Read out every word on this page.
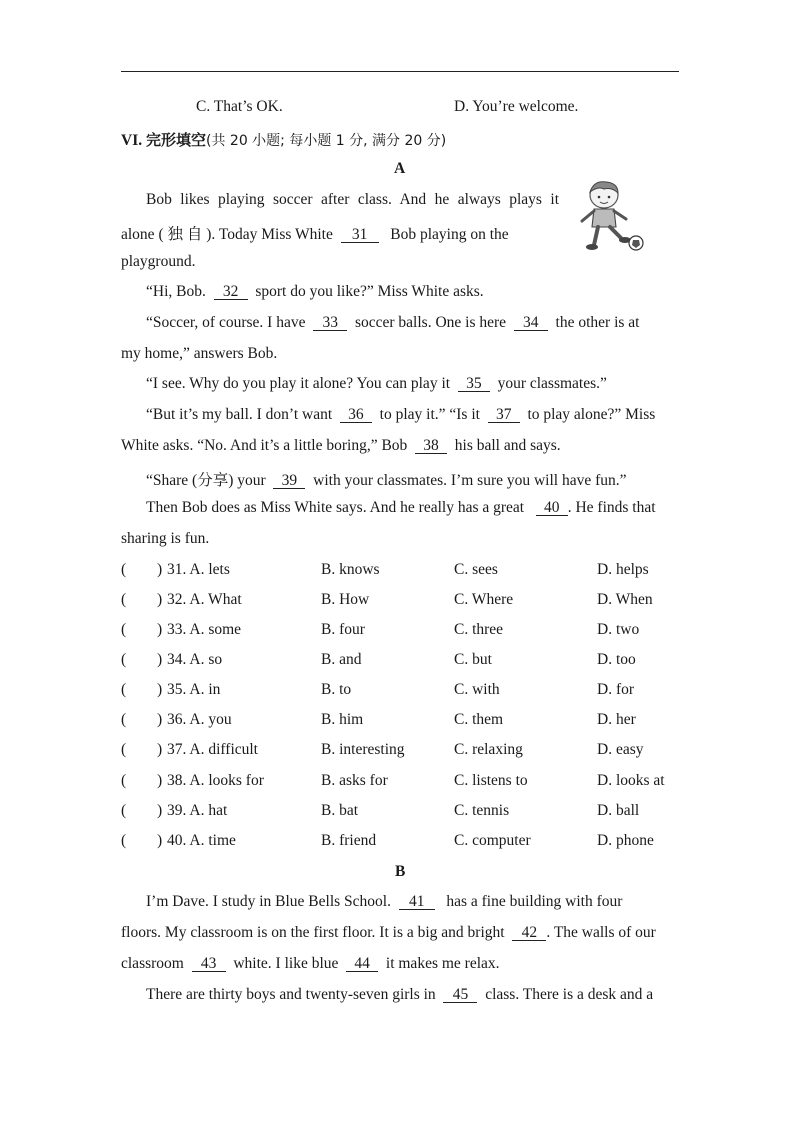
C. That’s OK.	D. You’re welcome.
VI. 完形填空(共 20 小题; 每小题 1 分, 满分 20 分)
A
Bob likes playing soccer after class. And he always plays it
alone ( 独 自 ). Today Miss White 31 Bob playing on the
playground.
“Hi, Bob. 32 sport do you like?” Miss White asks.
“Soccer, of course. I have 33 soccer balls. One is here 34 the other is at
my home,” answers Bob.
“I see. Why do you play it alone? You can play it 35 your classmates.”
“But it’s my ball. I don’t want 36 to play it.” “Is it 37 to play alone?” Miss
White asks. “No. And it’s a little boring,” Bob 38 his ball and says.
“Share (分享) your 39 with your classmates. I’m sure you will have fun.”
Then Bob does as Miss White says. And he really has a great 40 . He finds that
sharing is fun.
( ) 31. A. lets	B. knows	C. sees	D. helps
( ) 32. A. What	B. How	C. Where	D. When
( ) 33. A. some	B. four	C. three	D. two
( ) 34. A. so	B. and	C. but	D. too
( ) 35. A. in	B. to	C. with	D. for
( ) 36. A. you	B. him	C. them	D. her
( ) 37. A. difficult	B. interesting	C. relaxing	D. easy
( ) 38. A. looks for	B. asks for	C. listens to	D. looks at
( ) 39. A. hat	B. bat	C. tennis	D. ball
( ) 40. A. time	B. friend	C. computer	D. phone
B
I’m Dave. I study in Blue Bells School. 41 has a fine building with four
floors. My classroom is on the first floor. It is a big and bright 42 . The walls of our
classroom 43 white. I like blue 44 it makes me relax.
There are thirty boys and twenty-seven girls in 45 class. There is a desk and a
